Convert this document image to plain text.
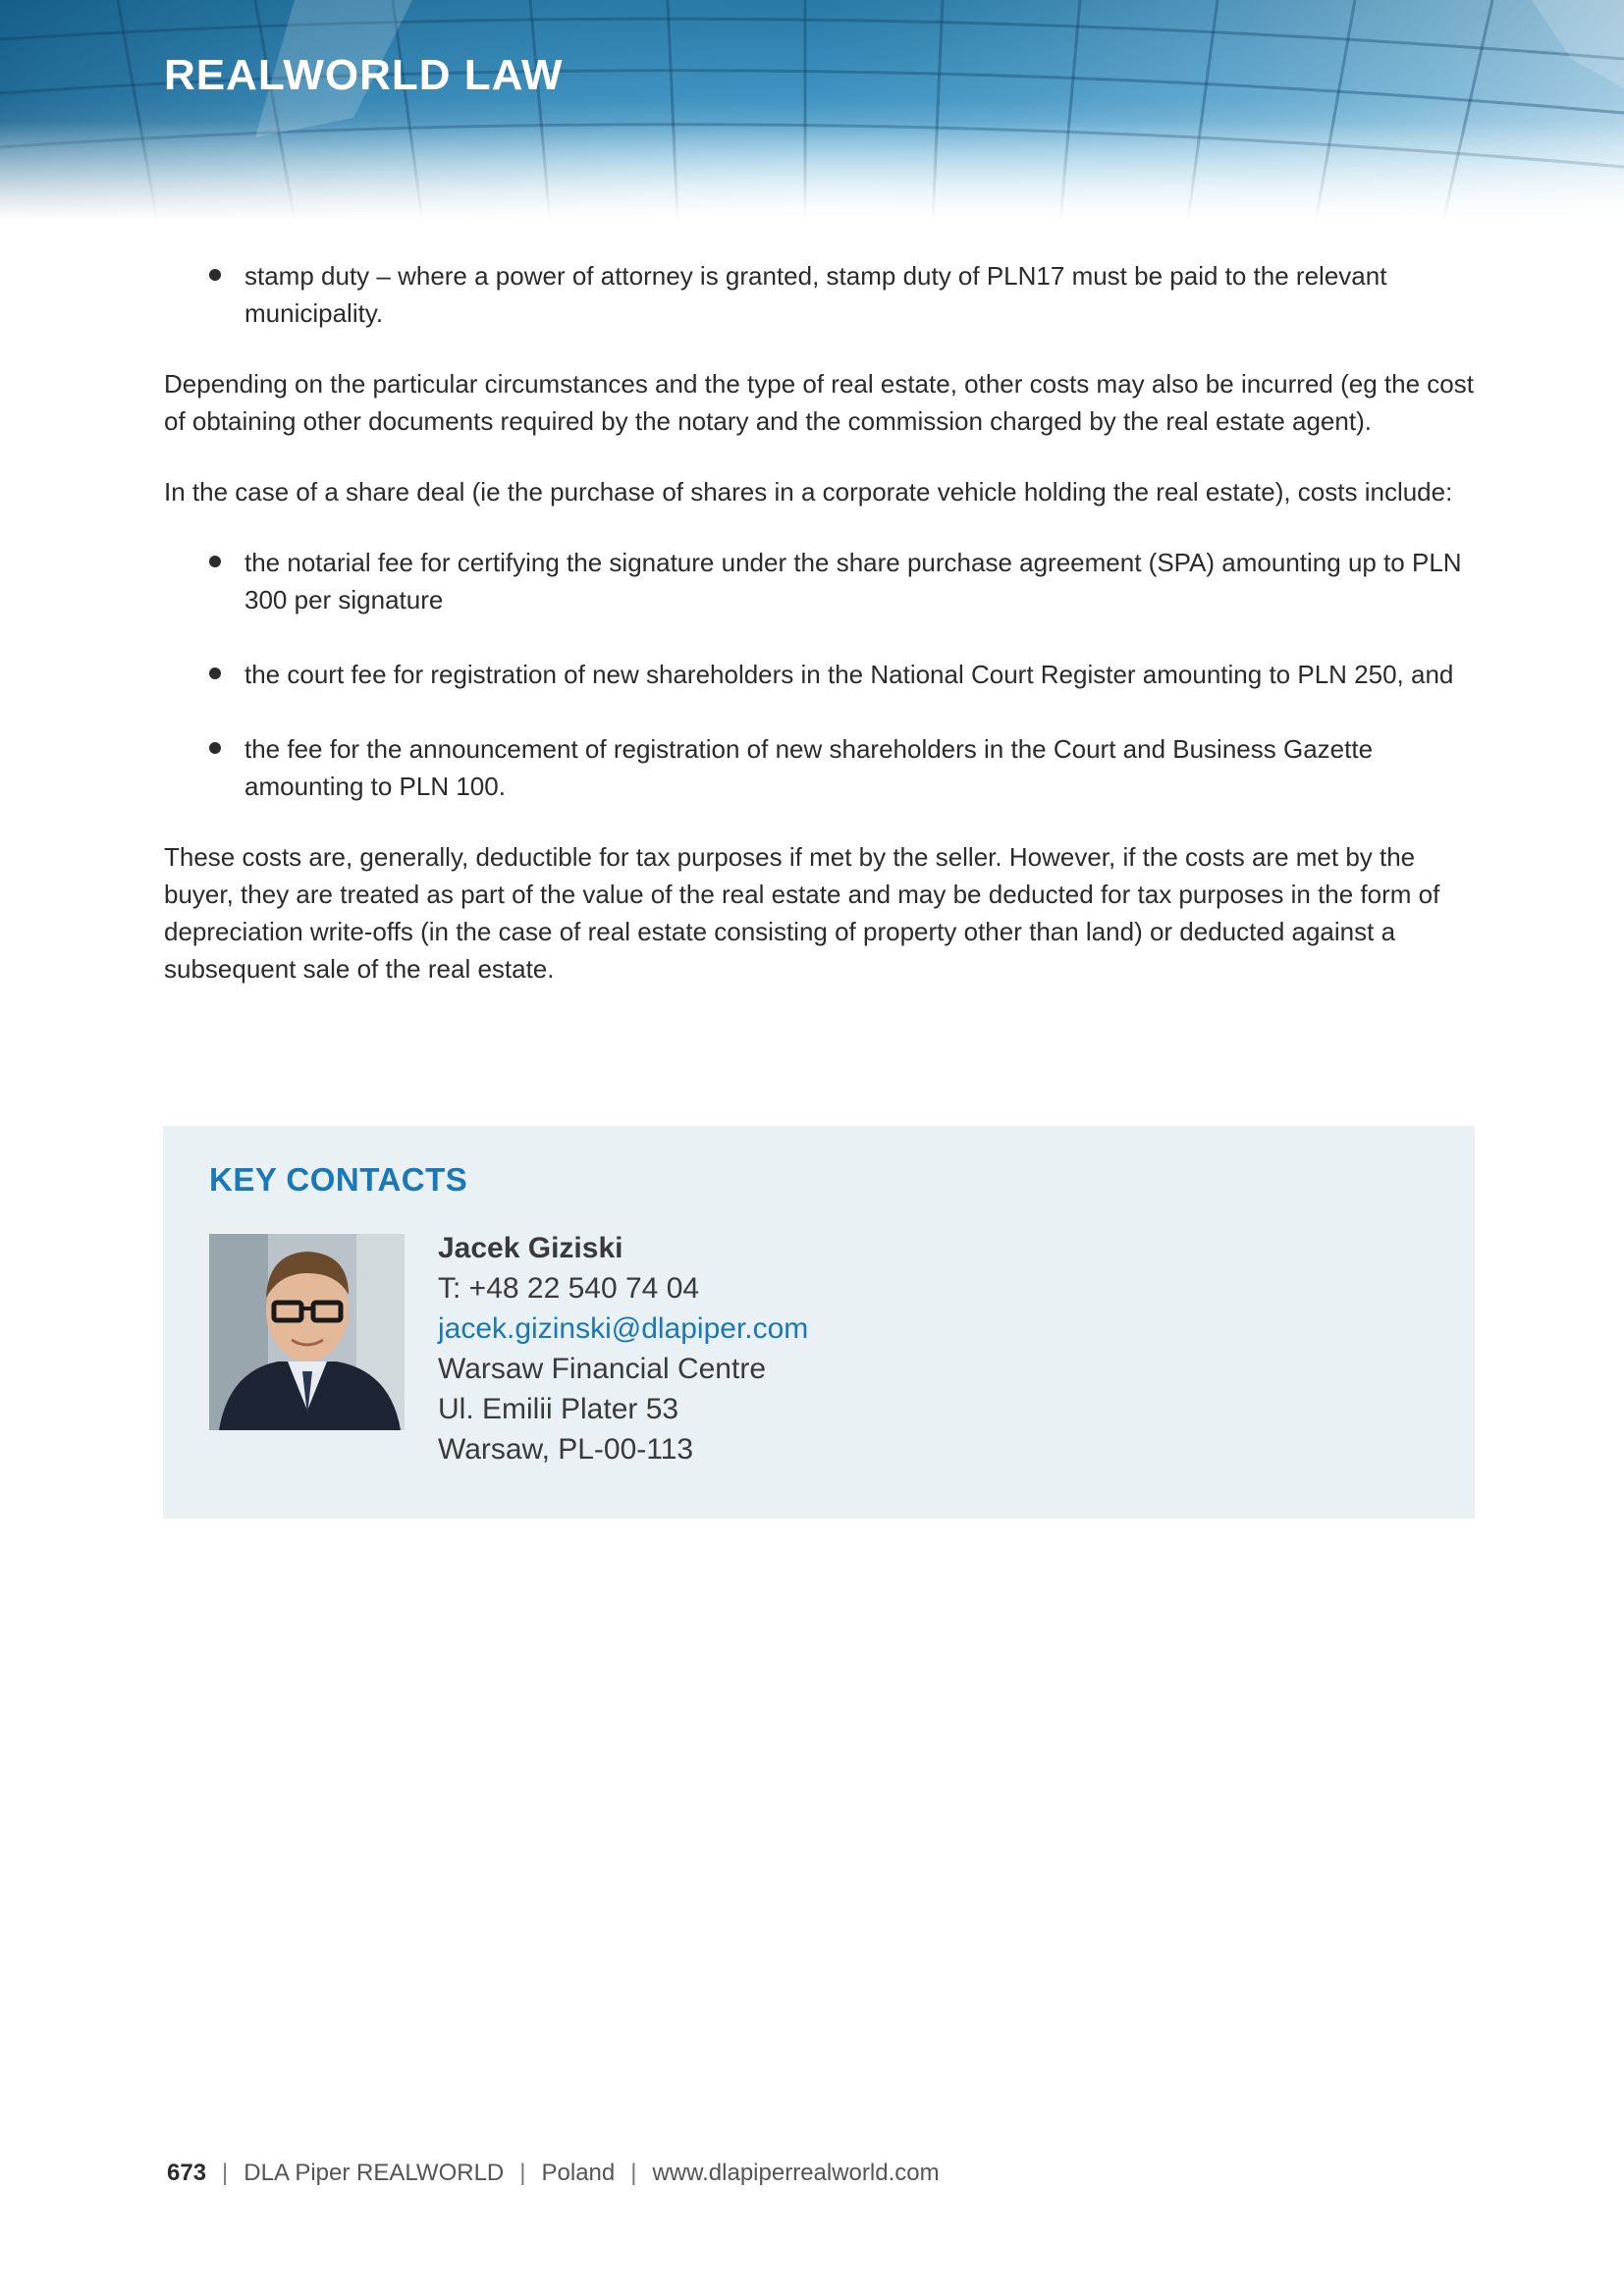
REALWORLD LAW
stamp duty – where a power of attorney is granted, stamp duty of PLN17 must be paid to the relevant municipality.

Depending on the particular circumstances and the type of real estate, other costs may also be incurred (eg the cost of obtaining other documents required by the notary and the commission charged by the real estate agent).

In the case of a share deal (ie the purchase of shares in a corporate vehicle holding the real estate), costs include:

the notarial fee for certifying the signature under the share purchase agreement (SPA) amounting up to PLN 300 per signature
the court fee for registration of new shareholders in the National Court Register amounting to PLN 250, and
the fee for the announcement of registration of new shareholders in the Court and Business Gazette amounting to PLN 100.

These costs are, generally, deductible for tax purposes if met by the seller. However, if the costs are met by the buyer, they are treated as part of the value of the real estate and may be deducted for tax purposes in the form of depreciation write-offs (in the case of real estate consisting of property other than land) or deducted against a subsequent sale of the real estate.

KEY CONTACTS
Jacek Giziski
T: +48 22 540 74 04
jacek.gizinski@dlapiper.com
Warsaw Financial Centre
Ul. Emilii Plater 53
Warsaw, PL-00-113
673 | DLA Piper REALWORLD | Poland | www.dlapiperrealworld.com
